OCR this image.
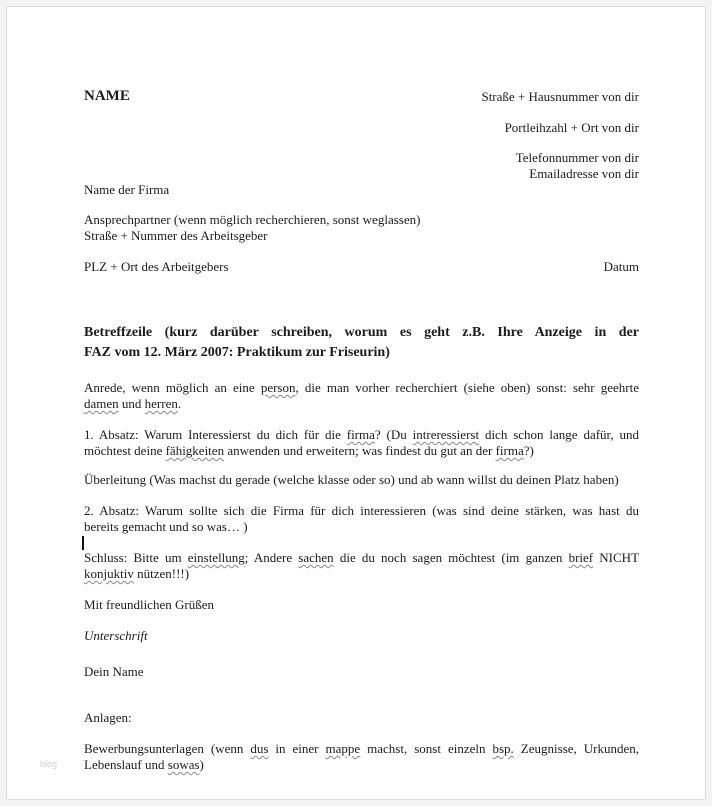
NAME	Straße + Hausnummer von dir
Portleihzahl + Ort von dir
Telefonnummer von dir
Emailadresse von dir
Name der Firma
Ansprechpartner (wenn möglich recherchieren, sonst weglassen)
Straße + Nummer des Arbeitsgeber
PLZ + Ort des Arbeitgebers	Datum
Betreffzeile (kurz darüber schreiben, worum es geht z.B. Ihre Anzeige in der
FAZ vom 12. März 2007: Praktikum zur Friseurin)
Anrede, wenn möglich an eine person, die man vorher recherchiert (siehe oben) sonst: sehr geehrte
damen und herren.
1. Absatz: Warum Interessierst du dich für die firma? (Du intreressierst dich schon lange dafür, und
möchtest deine fähigkeiten anwenden und erweitern; was findest du gut an der firma?)
Überleitung (Was machst du gerade (welche klasse oder so) und ab wann willst du deinen Platz haben)
2. Absatz: Warum sollte sich die Firma für dich interessieren (was sind deine stärken, was hast du
bereits gemacht und so was… )
Schluss: Bitte um einstellung; Andere sachen die du noch sagen möchtest (im ganzen brief NICHT
konjuktiv nützen!!!)
Mit freundlichen Grüßen
Unterschrift
Dein Name
Anlagen:
Bewerbungsunterlagen (wenn dus in einer mappe machst, sonst einzeln bsp. Zeugnisse, Urkunden,
Lebenslauf und sowas)
blog
